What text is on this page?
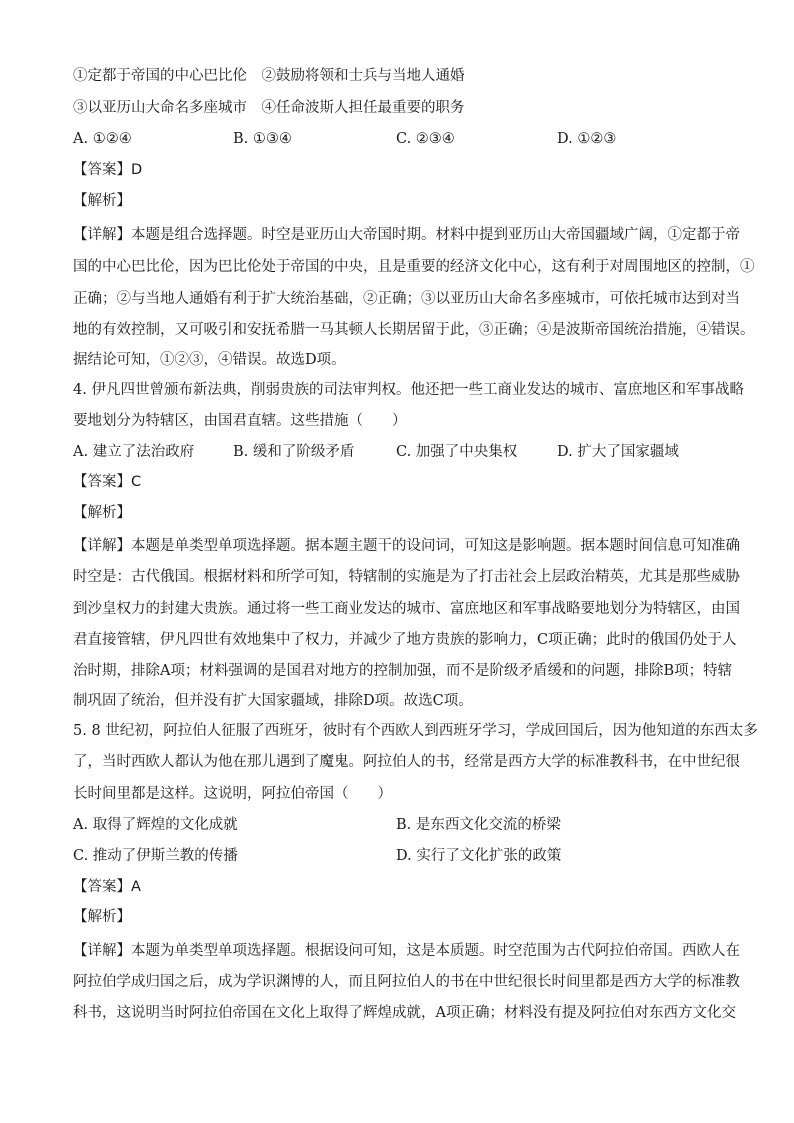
①定都于帝国的中心巴比伦　②鼓励将领和士兵与当地人通婚
③以亚历山大命名多座城市　④任命波斯人担任最重要的职务
A. ①②④	B. ①③④	C. ②③④	D. ①②③
【答案】D
【解析】
【详解】本题是组合选择题。时空是亚历山大帝国时期。材料中提到亚历山大帝国疆域广阔，①定都于帝
国的中心巴比伦，因为巴比伦处于帝国的中央，且是重要的经济文化中心，这有利于对周围地区的控制，①
正确；②与当地人通婚有利于扩大统治基础，②正确；③以亚历山大命名多座城市，可依托城市达到对当
地的有效控制，又可吸引和安抚希腊一马其顿人长期居留于此，③正确；④是波斯帝国统治措施，④错误。
据结论可知，①②③，④错误。故选D项。
4. 伊凡四世曾颁布新法典，削弱贵族的司法审判权。他还把一些工商业发达的城市、富庶地区和军事战略
要地划分为特辖区，由国君直辖。这些措施（　　）
A. 建立了法治政府	B. 缓和了阶级矛盾	C. 加强了中央集权	D. 扩大了国家疆域
【答案】C
【解析】
【详解】本题是单类型单项选择题。据本题主题干的设问词，可知这是影响题。据本题时间信息可知准确
时空是：古代俄国。根据材料和所学可知，特辖制的实施是为了打击社会上层政治精英，尤其是那些威胁
到沙皇权力的封建大贵族。通过将一些工商业发达的城市、富庶地区和军事战略要地划分为特辖区，由国
君直接管辖，伊凡四世有效地集中了权力，并减少了地方贵族的影响力，C项正确；此时的俄国仍处于人
治时期，排除A项；材料强调的是国君对地方的控制加强，而不是阶级矛盾缓和的问题，排除B项；特辖
制巩固了统治，但并没有扩大国家疆域，排除D项。故选C项。
5. 8 世纪初，阿拉伯人征服了西班牙，彼时有个西欧人到西班牙学习，学成回国后，因为他知道的东西太多
了，当时西欧人都认为他在那儿遇到了魔鬼。阿拉伯人的书，经常是西方大学的标准教科书，在中世纪很
长时间里都是这样。这说明，阿拉伯帝国（　　）
A. 取得了辉煌的文化成就	B. 是东西文化交流的桥梁
C. 推动了伊斯兰教的传播	D. 实行了文化扩张的政策
【答案】A
【解析】
【详解】本题为单类型单项选择题。根据设问可知，这是本质题。时空范围为古代阿拉伯帝国。西欧人在
阿拉伯学成归国之后，成为学识渊博的人，而且阿拉伯人的书在中世纪很长时间里都是西方大学的标准教
科书，这说明当时阿拉伯帝国在文化上取得了辉煌成就，A项正确；材料没有提及阿拉伯对东西方文化交
